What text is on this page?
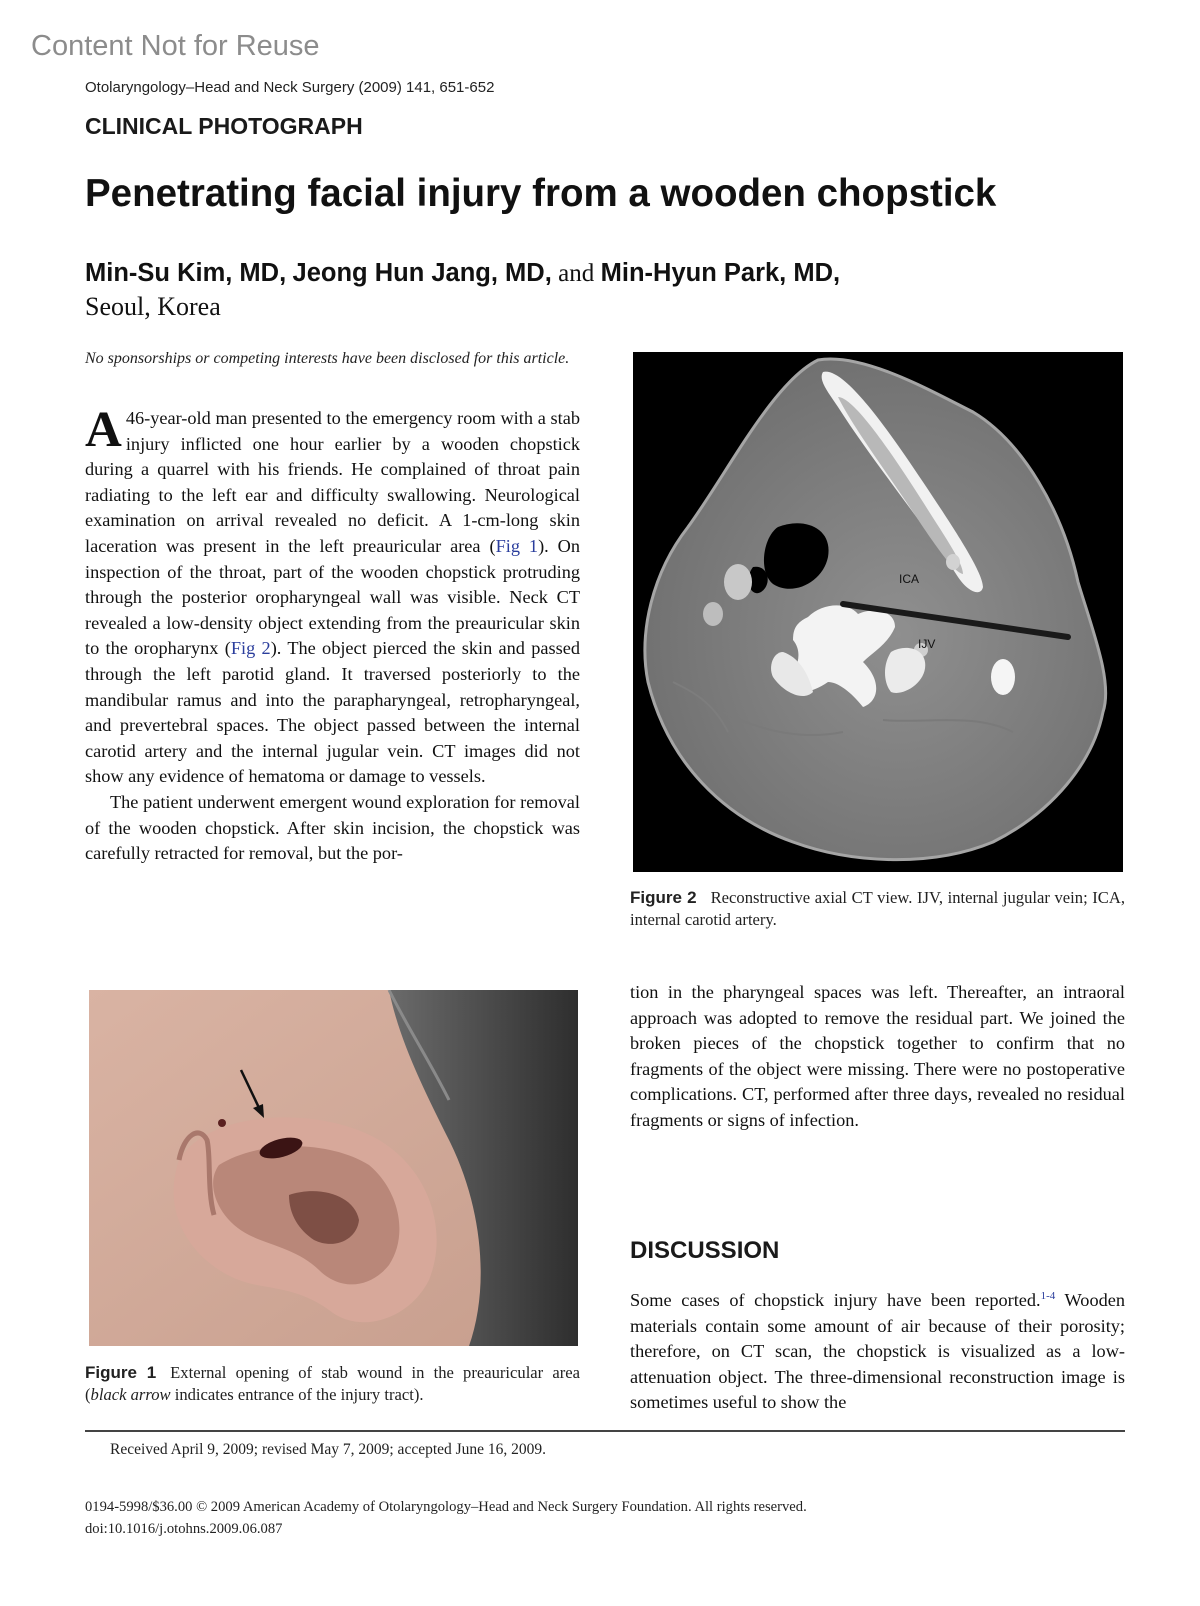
Content Not for Reuse
Otolaryngology–Head and Neck Surgery (2009) 141, 651-652
CLINICAL PHOTOGRAPH
Penetrating facial injury from a wooden chopstick
Min-Su Kim, MD, Jeong Hun Jang, MD, and Min-Hyun Park, MD,
Seoul, Korea
No sponsorships or competing interests have been disclosed for this article.

A 46-year-old man presented to the emergency room with a stab injury inflicted one hour earlier by a wooden chopstick during a quarrel with his friends. He complained of throat pain radiating to the left ear and difficulty swallowing. Neurological examination on arrival revealed no deficit. A 1-cm-long skin laceration was present in the left preauricular area (Fig 1). On inspection of the throat, part of the wooden chopstick protruding through the posterior oropharyngeal wall was visible. Neck CT revealed a low-density object extending from the preauricular skin to the oropharynx (Fig 2). The object pierced the skin and passed through the left parotid gland. It traversed posteriorly to the mandibular ramus and into the parapharyngeal, retropharyngeal, and prevertebral spaces. The object passed between the internal carotid artery and the internal jugular vein. CT images did not show any evidence of hematoma or damage to vessels.

The patient underwent emergent wound exploration for removal of the wooden chopstick. After skin incision, the chopstick was carefully retracted for removal, but the por-

ICA
IJV
Figure 2 Reconstructive axial CT view. IJV, internal jugular vein; ICA, internal carotid artery.
Figure 1 External opening of stab wound in the preauricular area (black arrow indicates entrance of the injury tract).

tion in the pharyngeal spaces was left. Thereafter, an intraoral approach was adopted to remove the residual part. We joined the broken pieces of the chopstick together to confirm that no fragments of the object were missing. There were no postoperative complications. CT, performed after three days, revealed no residual fragments or signs of infection.

DISCUSSION

Some cases of chopstick injury have been reported.$^{1-4}$ Wooden materials contain some amount of air because of their porosity; therefore, on CT scan, the chopstick is visualized as a low-attenuation object. The three-dimensional reconstruction image is sometimes useful to show the

Received April 9, 2009; revised May 7, 2009; accepted June 16, 2009.
0194-5998/$36.00 © 2009 American Academy of Otolaryngology–Head and Neck Surgery Foundation. All rights reserved.
doi:10.1016/j.otohns.2009.06.087
